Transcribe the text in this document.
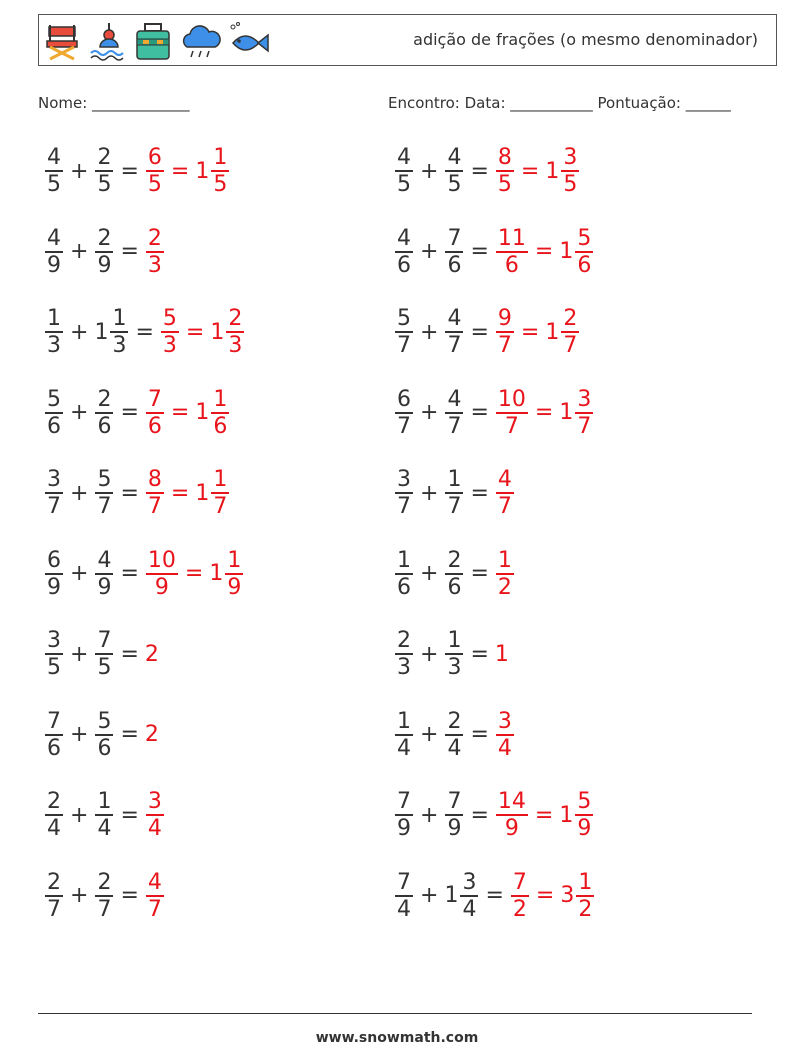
adição de frações (o mesmo denominador)
Nome: _____________	Encontro: Data: ___________ Pontuação: ______
$\frac{4}{5} + \frac{2}{5} = \frac{6}{5} = 1 \frac{1}{5}$	$\frac{4}{5} + \frac{4}{5} = \frac{8}{5} = 1 \frac{3}{5}$
$\frac{4}{9} + \frac{2}{9} = \frac{2}{3}$	$\frac{4}{6} + \frac{7}{6} = \frac{11}{6} = 1 \frac{5}{6}$
$\frac{1}{3} + 1 \frac{1}{3} = \frac{5}{3} = 1 \frac{2}{3}$	$\frac{5}{7} + \frac{4}{7} = \frac{9}{7} = 1 \frac{2}{7}$
$\frac{5}{6} + \frac{2}{6} = \frac{7}{6} = 1 \frac{1}{6}$	$\frac{6}{7} + \frac{4}{7} = \frac{10}{7} = 1 \frac{3}{7}$
$\frac{3}{7} + \frac{5}{7} = \frac{8}{7} = 1 \frac{1}{7}$	$\frac{3}{7} + \frac{1}{7} = \frac{4}{7}$
$\frac{6}{9} + \frac{4}{9} = \frac{10}{9} = 1 \frac{1}{9}$	$\frac{1}{6} + \frac{2}{6} = \frac{1}{2}$
$\frac{3}{5} + \frac{7}{5} = 2$	$\frac{2}{3} + \frac{1}{3} = 1$
$\frac{7}{6} + \frac{5}{6} = 2$	$\frac{1}{4} + \frac{2}{4} = \frac{3}{4}$
$\frac{2}{4} + \frac{1}{4} = \frac{3}{4}$	$\frac{7}{9} + \frac{7}{9} = \frac{14}{9} = 1 \frac{5}{9}$
$\frac{2}{7} + \frac{2}{7} = \frac{4}{7}$	$\frac{7}{4} + 1 \frac{3}{4} = \frac{7}{2} = 3 \frac{1}{2}$
www.snowmath.com
